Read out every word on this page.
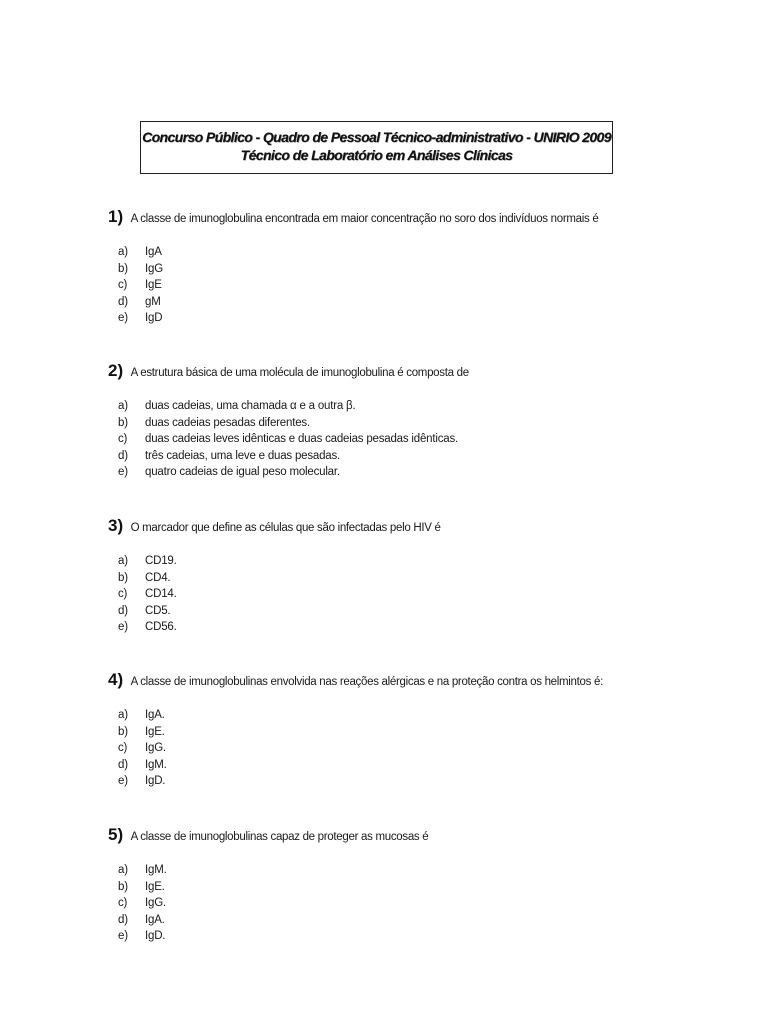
Concurso Público - Quadro de Pessoal Técnico-administrativo - UNIRIO 2009
Técnico de Laboratório em Análises Clínicas
1) A classe de imunoglobulina encontrada em maior concentração no soro dos indivíduos normais é
a) IgA
b) IgG
c) IgE
d) gM
e) IgD
2) A estrutura básica de uma molécula de imunoglobulina é composta de
a) duas cadeias, uma chamada α e a outra β.
b) duas cadeias pesadas diferentes.
c) duas cadeias leves idênticas e duas cadeias pesadas idênticas.
d) três cadeias, uma leve e duas pesadas.
e) quatro cadeias de igual peso molecular.
3) O marcador que define as células que são infectadas pelo HIV é
a) CD19.
b) CD4.
c) CD14.
d) CD5.
e) CD56.
4) A classe de imunoglobulinas envolvida nas reações alérgicas e na proteção contra os helmintos é:
a) IgA.
b) IgE.
c) IgG.
d) IgM.
e) IgD.
5) A classe de imunoglobulinas capaz de proteger as mucosas é
a) IgM.
b) IgE.
c) IgG.
d) IgA.
e) IgD.
